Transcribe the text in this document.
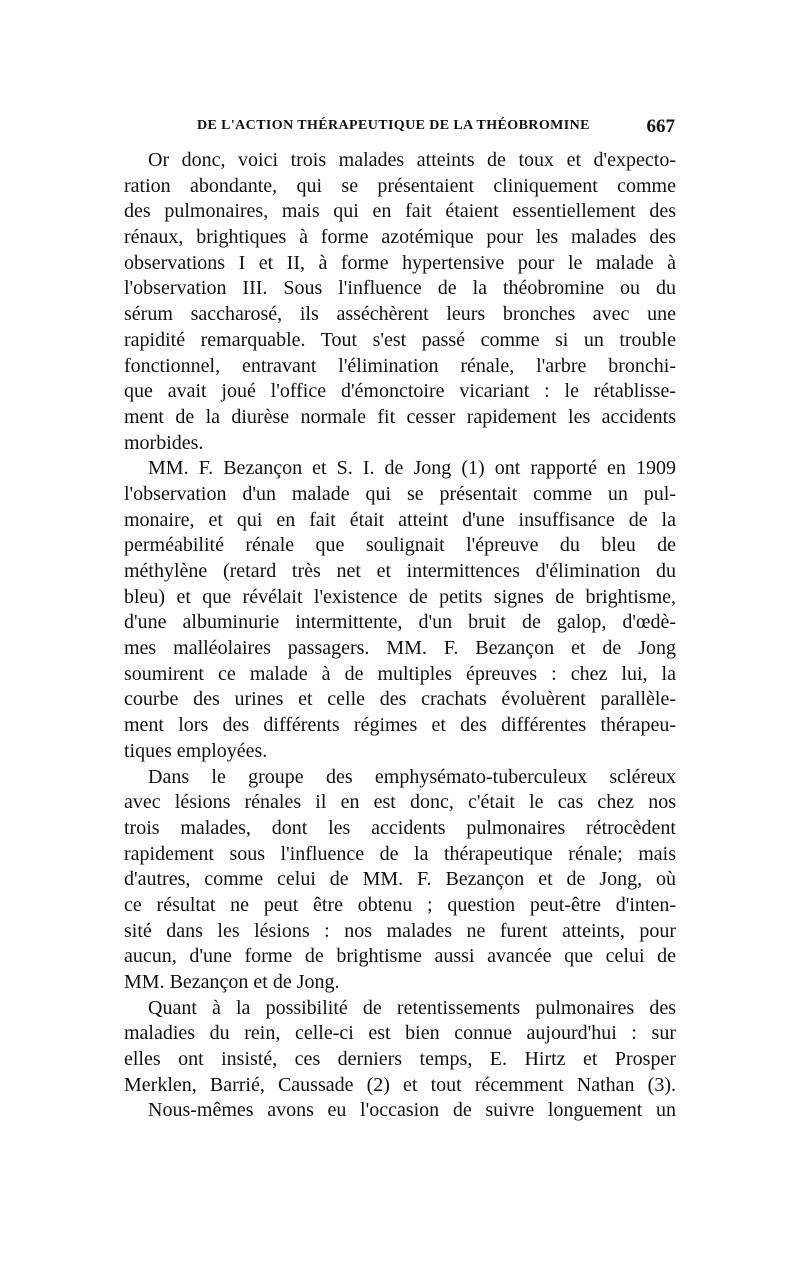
DE L'ACTION THÉRAPEUTIQUE DE LA THÉOBROMINE	667
Or donc, voici trois malades atteints de toux et d'expecto-
ration abondante, qui se présentaient cliniquement comme
des pulmonaires, mais qui en fait étaient essentiellement des
rénaux, brightiques à forme azotémique pour les malades des
observations I et II, à forme hypertensive pour le malade à
l'observation III. Sous l'influence de la théobromine ou du
sérum saccharosé, ils asséchèrent leurs bronches avec une
rapidité remarquable. Tout s'est passé comme si un trouble
fonctionnel, entravant l'élimination rénale, l'arbre bronchi-
que avait joué l'office d'émonctoire vicariant : le rétablisse-
ment de la diurèse normale fit cesser rapidement les accidents
morbides.
MM. F. Bezançon et S. I. de Jong (1) ont rapporté en 1909
l'observation d'un malade qui se présentait comme un pul-
monaire, et qui en fait était atteint d'une insuffisance de la
perméabilité rénale que soulignait l'épreuve du bleu de
méthylène (retard très net et intermittences d'élimination du
bleu) et que révélait l'existence de petits signes de brightisme,
d'une albuminurie intermittente, d'un bruit de galop, d'œdè-
mes malléolaires passagers. MM. F. Bezançon et de Jong
soumirent ce malade à de multiples épreuves : chez lui, la
courbe des urines et celle des crachats évoluèrent parallèle-
ment lors des différents régimes et des différentes thérapeu-
tiques employées.
Dans le groupe des emphysémato-tuberculeux scléreux
avec lésions rénales il en est donc, c'était le cas chez nos
trois malades, dont les accidents pulmonaires rétrocèdent
rapidement sous l'influence de la thérapeutique rénale; mais
d'autres, comme celui de MM. F. Bezançon et de Jong, où
ce résultat ne peut être obtenu ; question peut-être d'inten-
sité dans les lésions : nos malades ne furent atteints, pour
aucun, d'une forme de brightisme aussi avancée que celui de
MM. Bezançon et de Jong.
Quant à la possibilité de retentissements pulmonaires des
maladies du rein, celle-ci est bien connue aujourd'hui : sur
elles ont insisté, ces derniers temps, E. Hirtz et Prosper
Merklen, Barrié, Caussade (2) et tout récemment Nathan (3).
Nous-mêmes avons eu l'occasion de suivre longuement un
